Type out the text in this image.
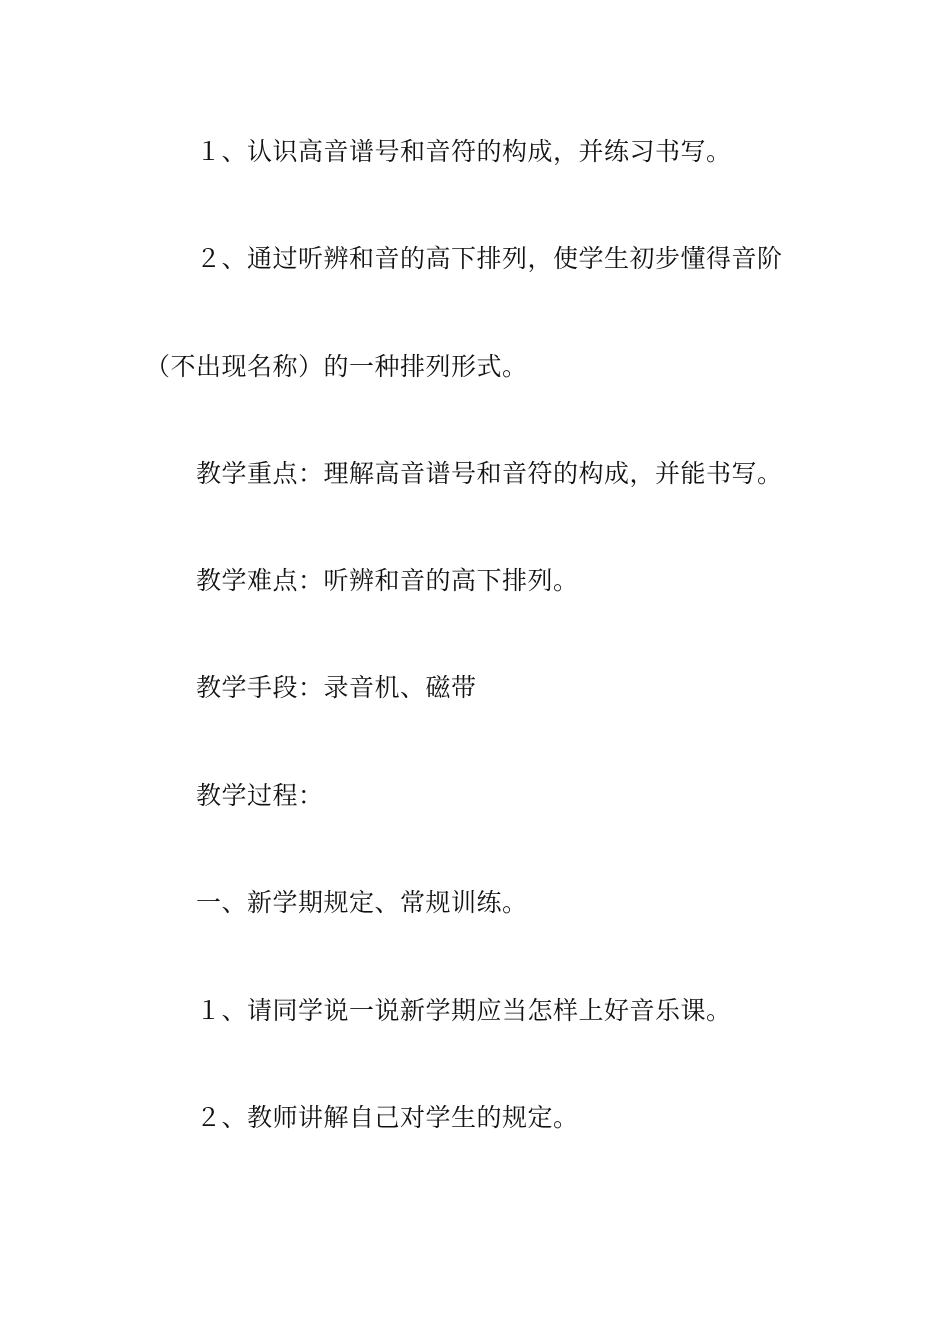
１、认识高音谱号和音符的构成，并练习书写。
２、通过听辨和音的高下排列，使学生初步懂得音阶
（不出现名称）的一种排列形式。
教学重点：理解高音谱号和音符的构成，并能书写。
教学难点：听辨和音的高下排列。
教学手段：录音机、磁带
教学过程：
一、新学期规定、常规训练。
１、请同学说一说新学期应当怎样上好音乐课。
２、教师讲解自己对学生的规定。
